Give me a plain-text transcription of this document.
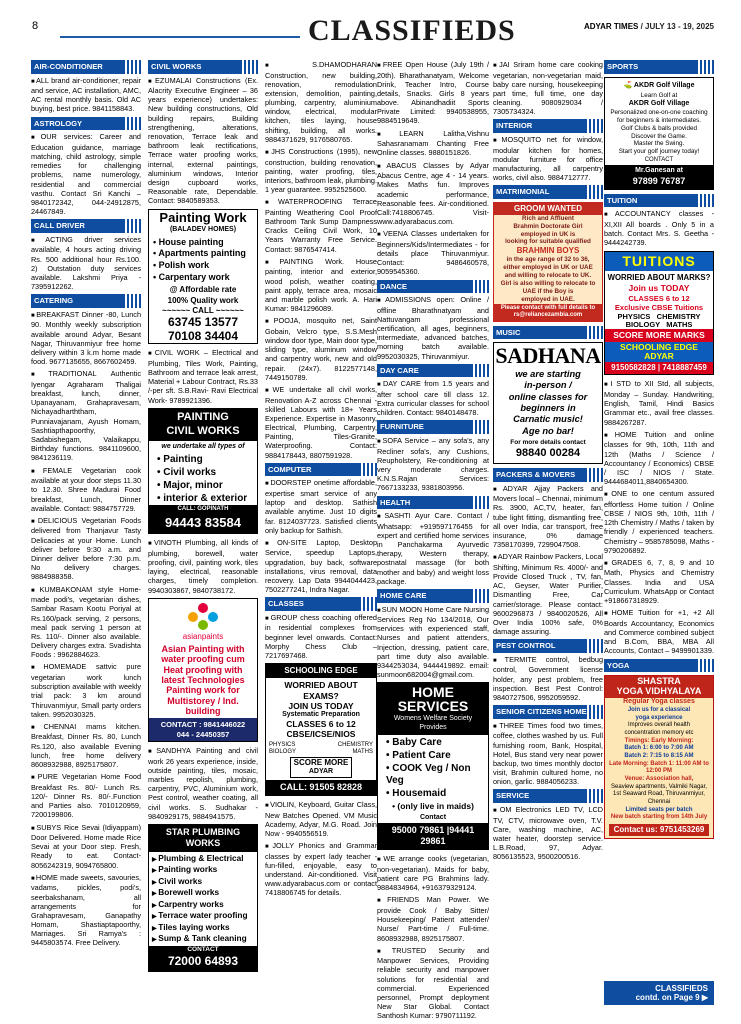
8	CLASSIFIEDS	ADYAR TIMES / JULY 13 - 19, 2025
AIR-CONDITIONER

■ ALL brand air-conditioner, repair and service, AC installation, AMC, AC rental monthly basis. Old AC buying, best price. 9841158843.

ASTROLOGY

■ OUR services: Career and Education guidance, marriage matching, child astrology, simple remedies for challenging problems, name numerology, residential and commercial vasthu. Contact Sri Kanchi – 9840172342, 044-24912875, 24467849.

CALL DRIVER

■ ACTING driver services available, 4 hours acting driving Rs. 500 additional hour Rs.100. 2) Outstation duty services available. Lakshmi Priya - 7395912262.

CATERING

■ BREAKFAST Dinner -80, Lunch 90. Monthly weekly subscription available around Adyar, Besant Nagar, Thiruvanmiyur free home delivery within 3 k.m home made food. 9677135655, 8667602459.

■ TRADITIONAL Authentic Iyengar Agraharam Thaligai breakfast, lunch, dinner, Upanayanam, Grahapravesam, Nichayadharththam, Punniavajanam, Ayush Homam, Sashtiapthapoorthy, Sadabishegam, Valaikappu, Birthday functions. 9841109600, 9841236119.

■ FEMALE Vegetarian cook available at your door steps 11.30 to 12.30. Shree Madurai Food breakfast, Lunch, Dinner available. Contact: 9884757729.

■ DELICIOUS Vegetarian Foods delivered from Thanjavur Tasty Delicacies at your Home. Lunch deliver before 9:30 a.m. and Dinner deliver before 7:30 p.m. No delivery charges. 9884988358.

■ KUMBAKONAM style Home-made podi's, vegetarian dishes, Sambar Rasam Kootu Poriyal at Rs.160/pack serving, 2 persons, meal pack serving 1 person at Rs. 110/-. Dinner also available. Delivery charges extra. Svadishta Foods : 9962884623.

■ HOMEMADE sattvic pure vegetarian work lunch subscription available with weekly trial pack: 3 km around Thiruvanmiyur, Small party orders taken. 9952030325.

■ CHENNAI mams kitchen. Breakfast, Dinner Rs. 80, Lunch Rs.120, also available Evening lunch, free home delivery 8608932988, 8925175807.

■ PURE Vegetarian Home Food Breakfast Rs. 80/- Lunch Rs. 120/- Dinner Rs. 80/-.Function and Parties also. 7010120959, 7200199806.

■ SUBYS Rice Sevai (Idiyappam) Door Delivered. Home made Rice Sevai at your Door step. Fresh, Ready to eat. Contact- 8056242319, 9094765800.

■ HOME made sweets, savouries, vadams, pickles, podi's, seerbakshanam, all arrangements for Grahapravesam, Ganapathy Homam, Shastiaptapoorthy, Marriages. Sri Ramya's : 9445803574. Free Delivery.

CIVIL WORKS

■ EZUMALAI Constructions (Ex. Alacrity Executive Engineer – 36 years experience) undertakes: New building constructions, Old building repairs, Building strengthening, alterations, renovation, Terrace leak and bathroom leak rectifications, Terrace water proofing works, internal, external paintings, aluminium windows, Interior design cupboard works, Reasonable rate, Dependable. Contact: 9840589353.

Painting Work
(BALADEV HOMES)
• House painting
• Apartments painting
• Polish work
• Carpentary work
@ Affordable rate
100% Quality work
~~~~~~ CALL ~~~~~~
63745 13577
70108 34404

■ CIVIL WORK – Electrical and Plumbing, Tiles Work, Painting, Bathroom and terrace leak arrest, Material + Labour Contract, Rs.33 /-per sft. S.B.Ravi- Ravi Electrical Work- 9789921396.

PAINTING
CIVIL WORKS
we undertake all types of
• Painting
• Civil works
• Major, minor
• interior & exterior
CALL: GOPINATH
94443 83584

■ VINOTH Plumbing, all kinds of plumbing, borewell, water proofing, civil, painting work, tiles laying, electrical, reasonable charges, timely completion. 9940303867, 9840738172.

asianpaints
Asian Painting with water proofing cum Heat proofing with latest Technologies Painting work for Multistorey / Ind. building
CONTACT : 9841446022
044 - 24450357

■ SANDHYA Painting and civil work 26 years experience, inside, outside painting, tiles, mosaic, marbles repolish, plumbing, carpentry, PVC, Aluminium work, Pest control, weather coating, all civil works. S. Sudhakar - 9840929175, 9884941575.

STAR PLUMBING WORKS
▶ Plumbing & Electrical
▶ Painting works
▶ Civil works
▶ Borewell works
▶ Carpentry works
▶ Terrace water proofing
▶ Tiles laying works
▶ Sump & Tank cleaning
CONTACT
72000 64893

■ S.DHAMODHARAN Construction, new building, renovation, remodulation extension, demolition, painting, plumbing, carpentry, aluminium window, electrical, modular kitchen, tiles laying, house shifting, building, all works. 9884371629, 9176580765.

■ JHS Constructions (1995), new construction, building renovation, painting, water proofing, tiles, interiors, bathroom leak, plumbing. 1 year guarantee. 9952525600.

■ WATERPROOFING Terrace Painting Weathering Cool Proof Bathroom Tank Sump Dampness Cracks Ceiling Civil Work, 10 Years Warranty Free Service. Contact: 9876547414.

■ PAINTING Work. House painting, interior and exterior, wood polish, weather coating, paint apply, terrace area, mosaic and marble polish work. A. Hari Kumar: 9841296089.

■ POOJA, mosquito net, Saint Gobain, Velcro type, S.S.Mesh window door type, Main door type, sliding type, aluminum window and carpentry work, new and old repair. (24x7). 8122577148, 7449150789.

■ WE undertake all civil works, Renovation A-Z across Chennai - skilled Labours with 18+ Years Experience. Expertise in Masonry, Electrical, Plumbing, Carpentry, Painting, Tiles-Granite, Waterproofing. Contact: 9884178443, 8807591928.

COMPUTER

■ DOORSTEP onetime affordable, expertise smart service of any laptop and desktop. Sathish available anytime. Just 10 digits far. 8124037723. Satisfied clients only backup for Sathish.

■ ON-SITE Laptop, Desktop Service, speedup Laptops, upgradation, buy back, software installations, virus removal, data recovery. Lap Data 9944044423, 7502277241, Indra Nagar.

CLASSES

■ GROUP chess coaching offered in residential complexes from beginner level onwards. Contact: Morphy Chess Club – 7217697468.

SCHOOLING EDGE
WORRIED ABOUT EXAMS?
JOIN US TODAY
Systematic Preparation
CLASSES 6 to 12
CBSE/ICSE/NIOS
PHYSICS	CHEMISTRY
BIOLOGY	MATHS
SCORE MORE
ADYAR
CALL: 91505 82828

■ VIOLIN, Keyboard, Guitar Class, New Batches Opened. VM Music Academy, Adyar, M.G. Road. Join Now - 9940556519.

■ JOLLY Phonics and Grammar classes by expert lady teacher - fun-filled, enjoyable, easy to understand. Air-conditioned. Visit www.adyarabacus.com or contact 7418806745 for details.

■ FREE Open House (July 19th / 20th). Bharathanatyam, Welcome Drink, Teacher Intro, Course details, Snacks. Girls 8 years above. Abinandhadiit Sports Private Limited: 9940538955, 9884519649.

■ LEARN Lalitha,Vishnu Sahasranamam Chanting Free Online classes. 9880151826.

■ ABACUS Classes by Adyar Abacus Centre, age 4 - 14 years. Makes Maths fun. Improves academic performance, Reasonable fees. Air-conditioned. Call:7418806745. Visit-www.adyarabacus.com.

■ VEENA Classes undertaken for Beginners/Kids/Intermediates - for details place Thiruvanmiyur. Contact: 9486460578, 9059545360.

DANCE

■ ADMISSIONS open: Online / offline Bharathnatyam and Nattuvangam professional certification, all ages, beginners, intermediate, advanced batches, morning batch available. 9952030325, Thiruvanmiyur.

DAY CARE

■ DAY CARE from 1.5 years and after school care till class 12. Extra curricular classes for school children. Contact: 9840148478.

FURNITURE

■ SOFA Service – any sofa's, any Recliner sofa's, any Cushions, Reupholstery, Re-conditioning at very moderate charges. K.N.S.Rajan Services: 7667133233, 9381803956.

HEALTH

■ SASHTI Ayur Care. Contact / Whatsapp: +919597176455 for expert and certified home services in Panchakarma Ayurvedic therapy, Western therapy, postnatal massage (for both mother and baby) and weight loss package.

HOME CARE

■ SUN MOON Home Care Nursing Services Reg No 134/2018, Our services with experienced staff, Nurses and patient attenders, Injection, dressing, patient care, part time duty also available. 9344253034, 9444419892. email: sunmoon682004@gmail.com.

HOME SERVICES
Womens Welfare Society
Provides
• Baby Care
• Patient Care
• COOK Veg / Non Veg
• Housemaid
• (only live in maids)
Contact
95000 79861 |94441 29861

■ WE arrange cooks (vegetarian, non-vegetarian). Maids for baby, patient care PG Brahmins lady. 9884834964, +916379329124.

■ FRIENDS Man Power. We provide Cook / Baby Sitter/ Housekeeping/ Patient attender/ Nurse/ Part-time / Full-time. 8608932988, 8925175807.

■ TRUSTED Security and Manpower Services, Providing reliable security and manpower solutions for residential and commercial. Experienced personnel, Prompt deployment New Star Global. Contact Santhosh Kumar: 9790711192.

■ JAI Sriram home care cooking vegetarian, non-vegetarian maid, baby care nursing, housekeeping part time, full time, one day cleaning. 9080929034 / 7305734324.

INTERIOR

■ MOSQUITO net for window, modular kitchen for homes, modular furniture for office manufacturing, all carpentry works, civil also. 9884712777.

MATRIMONIAL
GROOM WANTED
Rich and Affluent
Brahmin Doctorate Girl
employed in UK is
looking for suitable qualified
BRAHMIN BOYS
in the age range of 32 to 36,
either employed in UK or UAE
and willing to relocate to UK.
Girl is also willing to relocate to
UAE if the Boy is
employed in UAE.
Please contact with full details to
rs@reliancezambia.com
MUSIC
SADHANA
we are starting
in-person /
online classes for
beginners in
Carnatic music!
Age no bar!
For more details contact
98840 00284
PACKERS & MOVERS

■ ADYAR Ajjay Packers and Movers local – Chennai, minimum Rs. 3900, AC,TV, heater, fan, tube light fitting, dismantling free, all over India, car transport, free insurance, 0% damage 7358170399, 7299047508.

■ ADYAR Rainbow Packers, Local Shifting, Minimum Rs. 4000/- and Provide Closed Truck , TV, fan, AC, Geyser, Water Purifier, Dismantling Free, Car carrier/storage. Please contact: 9600296873 / 9840020526, All Over India 100% safe, 0% damage assuring.

PEST CONTROL

■ TERMITE control, bedbug control, Government license holder, any pest problem, free inspection. Best Pest Control: 9840727506, 9952059592.

SENIOR CITIZENS HOME

■ THREE Times food two times, coffee, clothes washed by us. Full furnishing room, Bank, Hospital, Hotel, Bus stand very near power backup, two times monthly doctor visit, Brahmin cultured home, no onion, garlic. 9884056233.

SERVICE

■ OM Electronics LED TV, LCD TV, CTV, microwave oven, T.V. Care, washing machine, AC, water heater, doorstep service. L.B.Road, 97, Adyar. 8056135523, 9500200516.

SPORTS
⛳ AKDR Golf Village
Learn Golf at
AKDR Golf Village
Personalized one-on-one coaching
for beginners & intermediates.
Golf Clubs & balls provided
Discover the Game.
Master the Swing.
Start your golf journey today!
CONTACT
Mr.Ganesan at
97899 76787
TUITION

■ ACCOUNTANCY classes - XI,XII All boards . Only 5 in a batch. Contact Mrs. S. Geetha - 9444242739.

TUITIONS
WORRIED ABOUT MARKS?
Join us TODAY
CLASSES 6 to 12
Exclusive CBSE Tuitions
PHYSICS CHEMISTRY
BIOLOGY MATHS
SCORE MORE MARKS
SCHOOLING EDGE
ADYAR
9150582828 | 7418887459

■ I STD to XII Std, all subjects, Monday – Sunday. Handwriting, English, Tamil, Hindi Basics Grammar etc., avail free classes. 9884267287.

■ HOME Tuition and online classes for 9th, 10th, 11th and 12th (Maths / Science / Accountancy / Economics) CBSE / ISC / NIOS / State. 9444684011,8840654300.

■ ONE to one centum assured effortless Home tuition / Online CBSE / NIOS 9th, 10th, 11th / 12th Chemistry / Maths / taken by friendly / experienced teachers. Chemistry – 9585785098, Maths - 9790206892.

■ GRADES 6, 7, 8, 9 and 10 Math, Physics and Chemistry Classes. India and USA Curriculum. WhatsApp or Contact +918667318929.

■ HOME Tuition for +1, +2 All Boards Accountancy, Economics and Commerce combined subject and B.Com, BBA, MBA All Accounts, Contact – 9499901339.

YOGA
SHASTRA
YOGA VIDHYALAYA
Regular Yoga classes
Join us for a classical
yoga experience
Improves overall health
concentration memory etc
Timings: Early Morning:
Batch 1: 6:00 to 7:00 AM
Batch 2: 7:15 to 8:15 AM
Late Morning: Batch 1: 11:00 AM to 12:00 PM
Venue: Association hall,
Seaview apartments, Valmiki Nagar,
1st Seaward Road, Thiruvanmiyur, Chennai
Limited seats per batch
New batch starting from 14th July
Contact us: 9751453269
CLASSIFIEDS
contd. on Page 9 ▶
